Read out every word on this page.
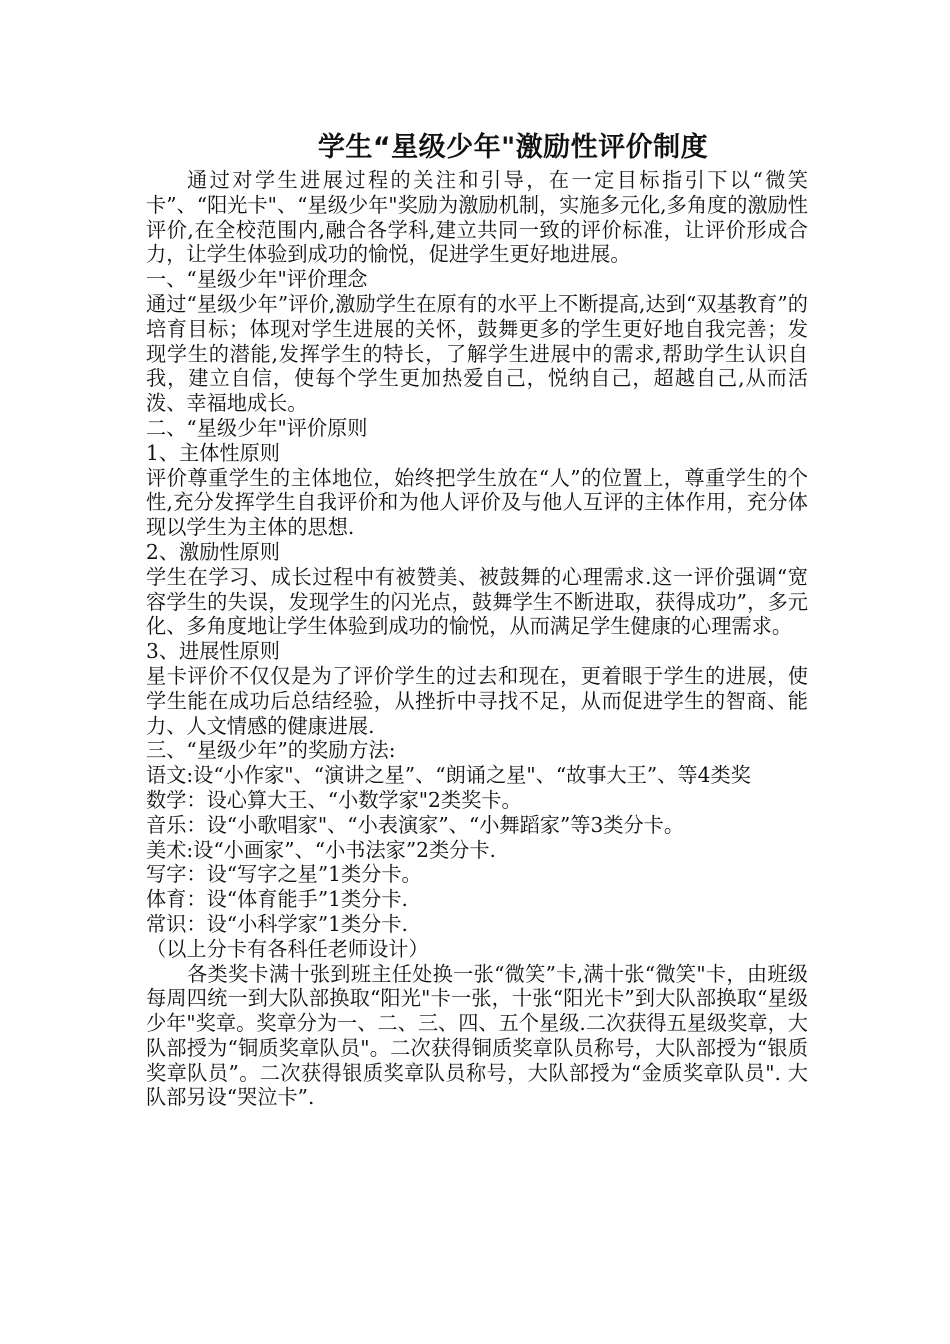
学生“星级少年"激励性评价制度

通过对学生进展过程的关注和引导，在一定目标指引下以“微笑卡”、“阳光卡"、“星级少年"奖励为激励机制，实施多元化,多角度的激励性评价,在全校范围内,融合各学科,建立共同一致的评价标准，让评价形成合力，让学生体验到成功的愉悦，促进学生更好地进展。

一、“星级少年"评价理念

通过“星级少年”评价,激励学生在原有的水平上不断提高,达到“双基教育”的培育目标；体现对学生进展的关怀，鼓舞更多的学生更好地自我完善；发现学生的潜能,发挥学生的特长，了解学生进展中的需求,帮助学生认识自我，建立自信，使每个学生更加热爱自己，悦纳自己，超越自己,从而活泼、幸福地成长。

二、“星级少年"评价原则

1、主体性原则

评价尊重学生的主体地位，始终把学生放在“人”的位置上，尊重学生的个性,充分发挥学生自我评价和为他人评价及与他人互评的主体作用，充分体现以学生为主体的思想.

2、激励性原则

学生在学习、成长过程中有被赞美、被鼓舞的心理需求.这一评价强调“宽容学生的失误，发现学生的闪光点，鼓舞学生不断进取，获得成功”，多元化、多角度地让学生体验到成功的愉悦，从而满足学生健康的心理需求。

3、进展性原则

星卡评价不仅仅是为了评价学生的过去和现在，更着眼于学生的进展，使学生能在成功后总结经验，从挫折中寻找不足，从而促进学生的智商、能力、人文情感的健康进展.

三、“星级少年”的奖励方法:

语文:设“小作家"、“演讲之星”、“朗诵之星"、“故事大王”、等4类奖

数学：设心算大王、“小数学家"2类奖卡。

音乐：设“小歌唱家"、“小表演家”、“小舞蹈家”等3类分卡。

美术:设“小画家”、“小书法家”2类分卡.

写字：设“写字之星”1类分卡。

体育：设“体育能手”1类分卡.

常识：设“小科学家”1类分卡.

（以上分卡有各科任老师设计）

各类奖卡满十张到班主任处换一张“微笑”卡,满十张“微笑"卡，由班级每周四统一到大队部换取“阳光"卡一张，十张“阳光卡”到大队部换取“星级少年"奖章。奖章分为一、二、三、四、五个星级.二次获得五星级奖章，大队部授为“铜质奖章队员"。二次获得铜质奖章队员称号，大队部授为“银质奖章队员”。二次获得银质奖章队员称号，大队部授为“金质奖章队员". 大队部另设“哭泣卡”.
